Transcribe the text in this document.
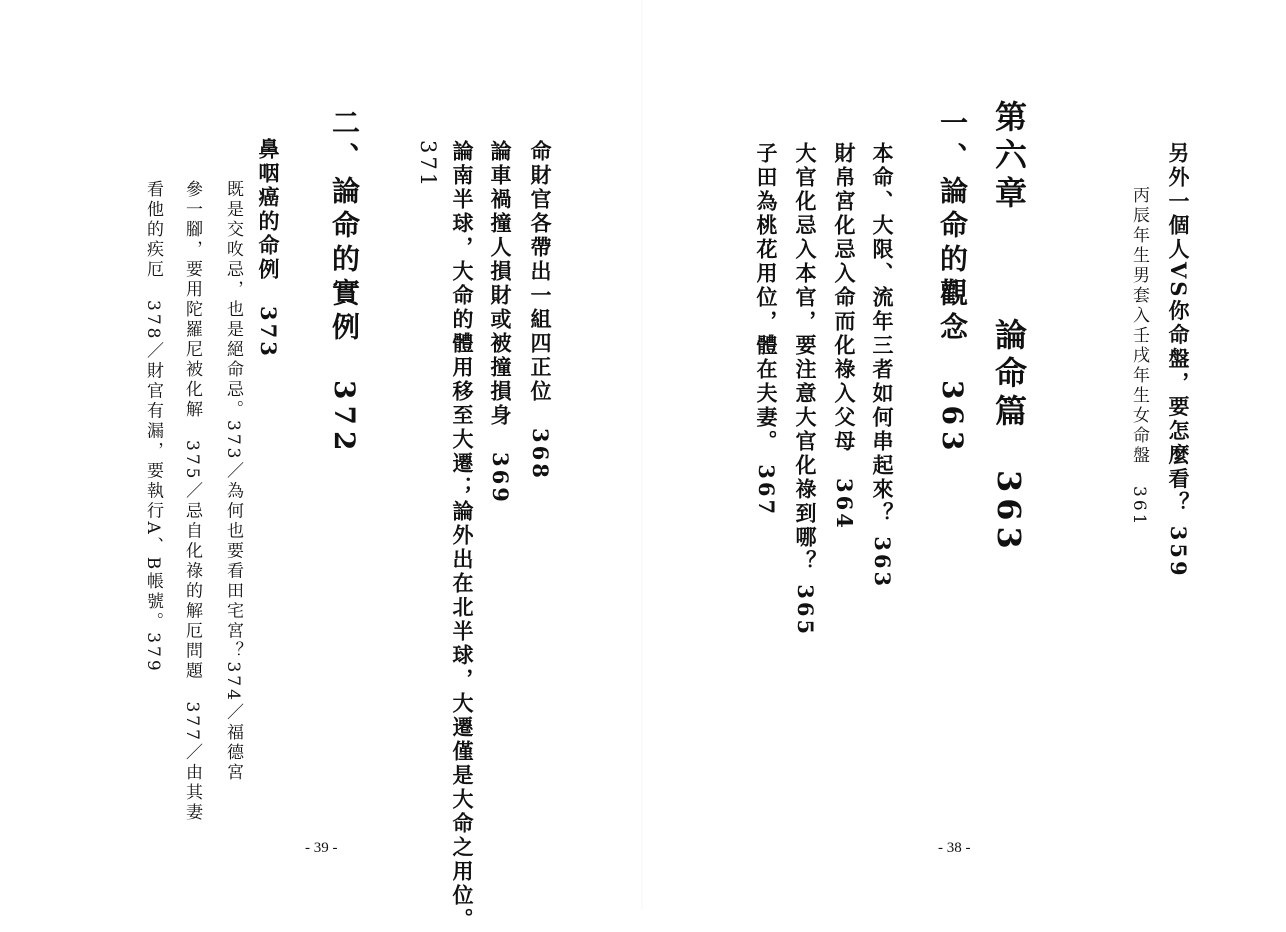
另外一個人VS你命盤，要怎麼看？ 359
丙辰年生男套入壬戌年生女命盤　361
第六章
論命篇　363
一、論命的觀念　363
本命、大限、流年三者如何串起來？ 363
財帛宮化忌入命而化祿入父母　364
大官化忌入本官，要注意大官化祿到哪？ 365
子田為桃花用位，體在夫妻。 367
- 38 -
命財官各帶出一組四正位　368
論車禍撞人損財或被撞損身　369
論南半球，大命的體用移至大遷；論外出在北半球，大遷僅是大命之用位。
371
二、論命的實例　372
鼻咽癌的命例　373
既是交呚忌，也是絕命忌。373／為何也要看田宅宮？374／福德宮
參一腳，要用陀羅尼被化解　375／忌自化祿的解厄問題　377／由其妻
看他的疾厄　378／財官有漏，要執行A、B帳號。379
- 39 -
